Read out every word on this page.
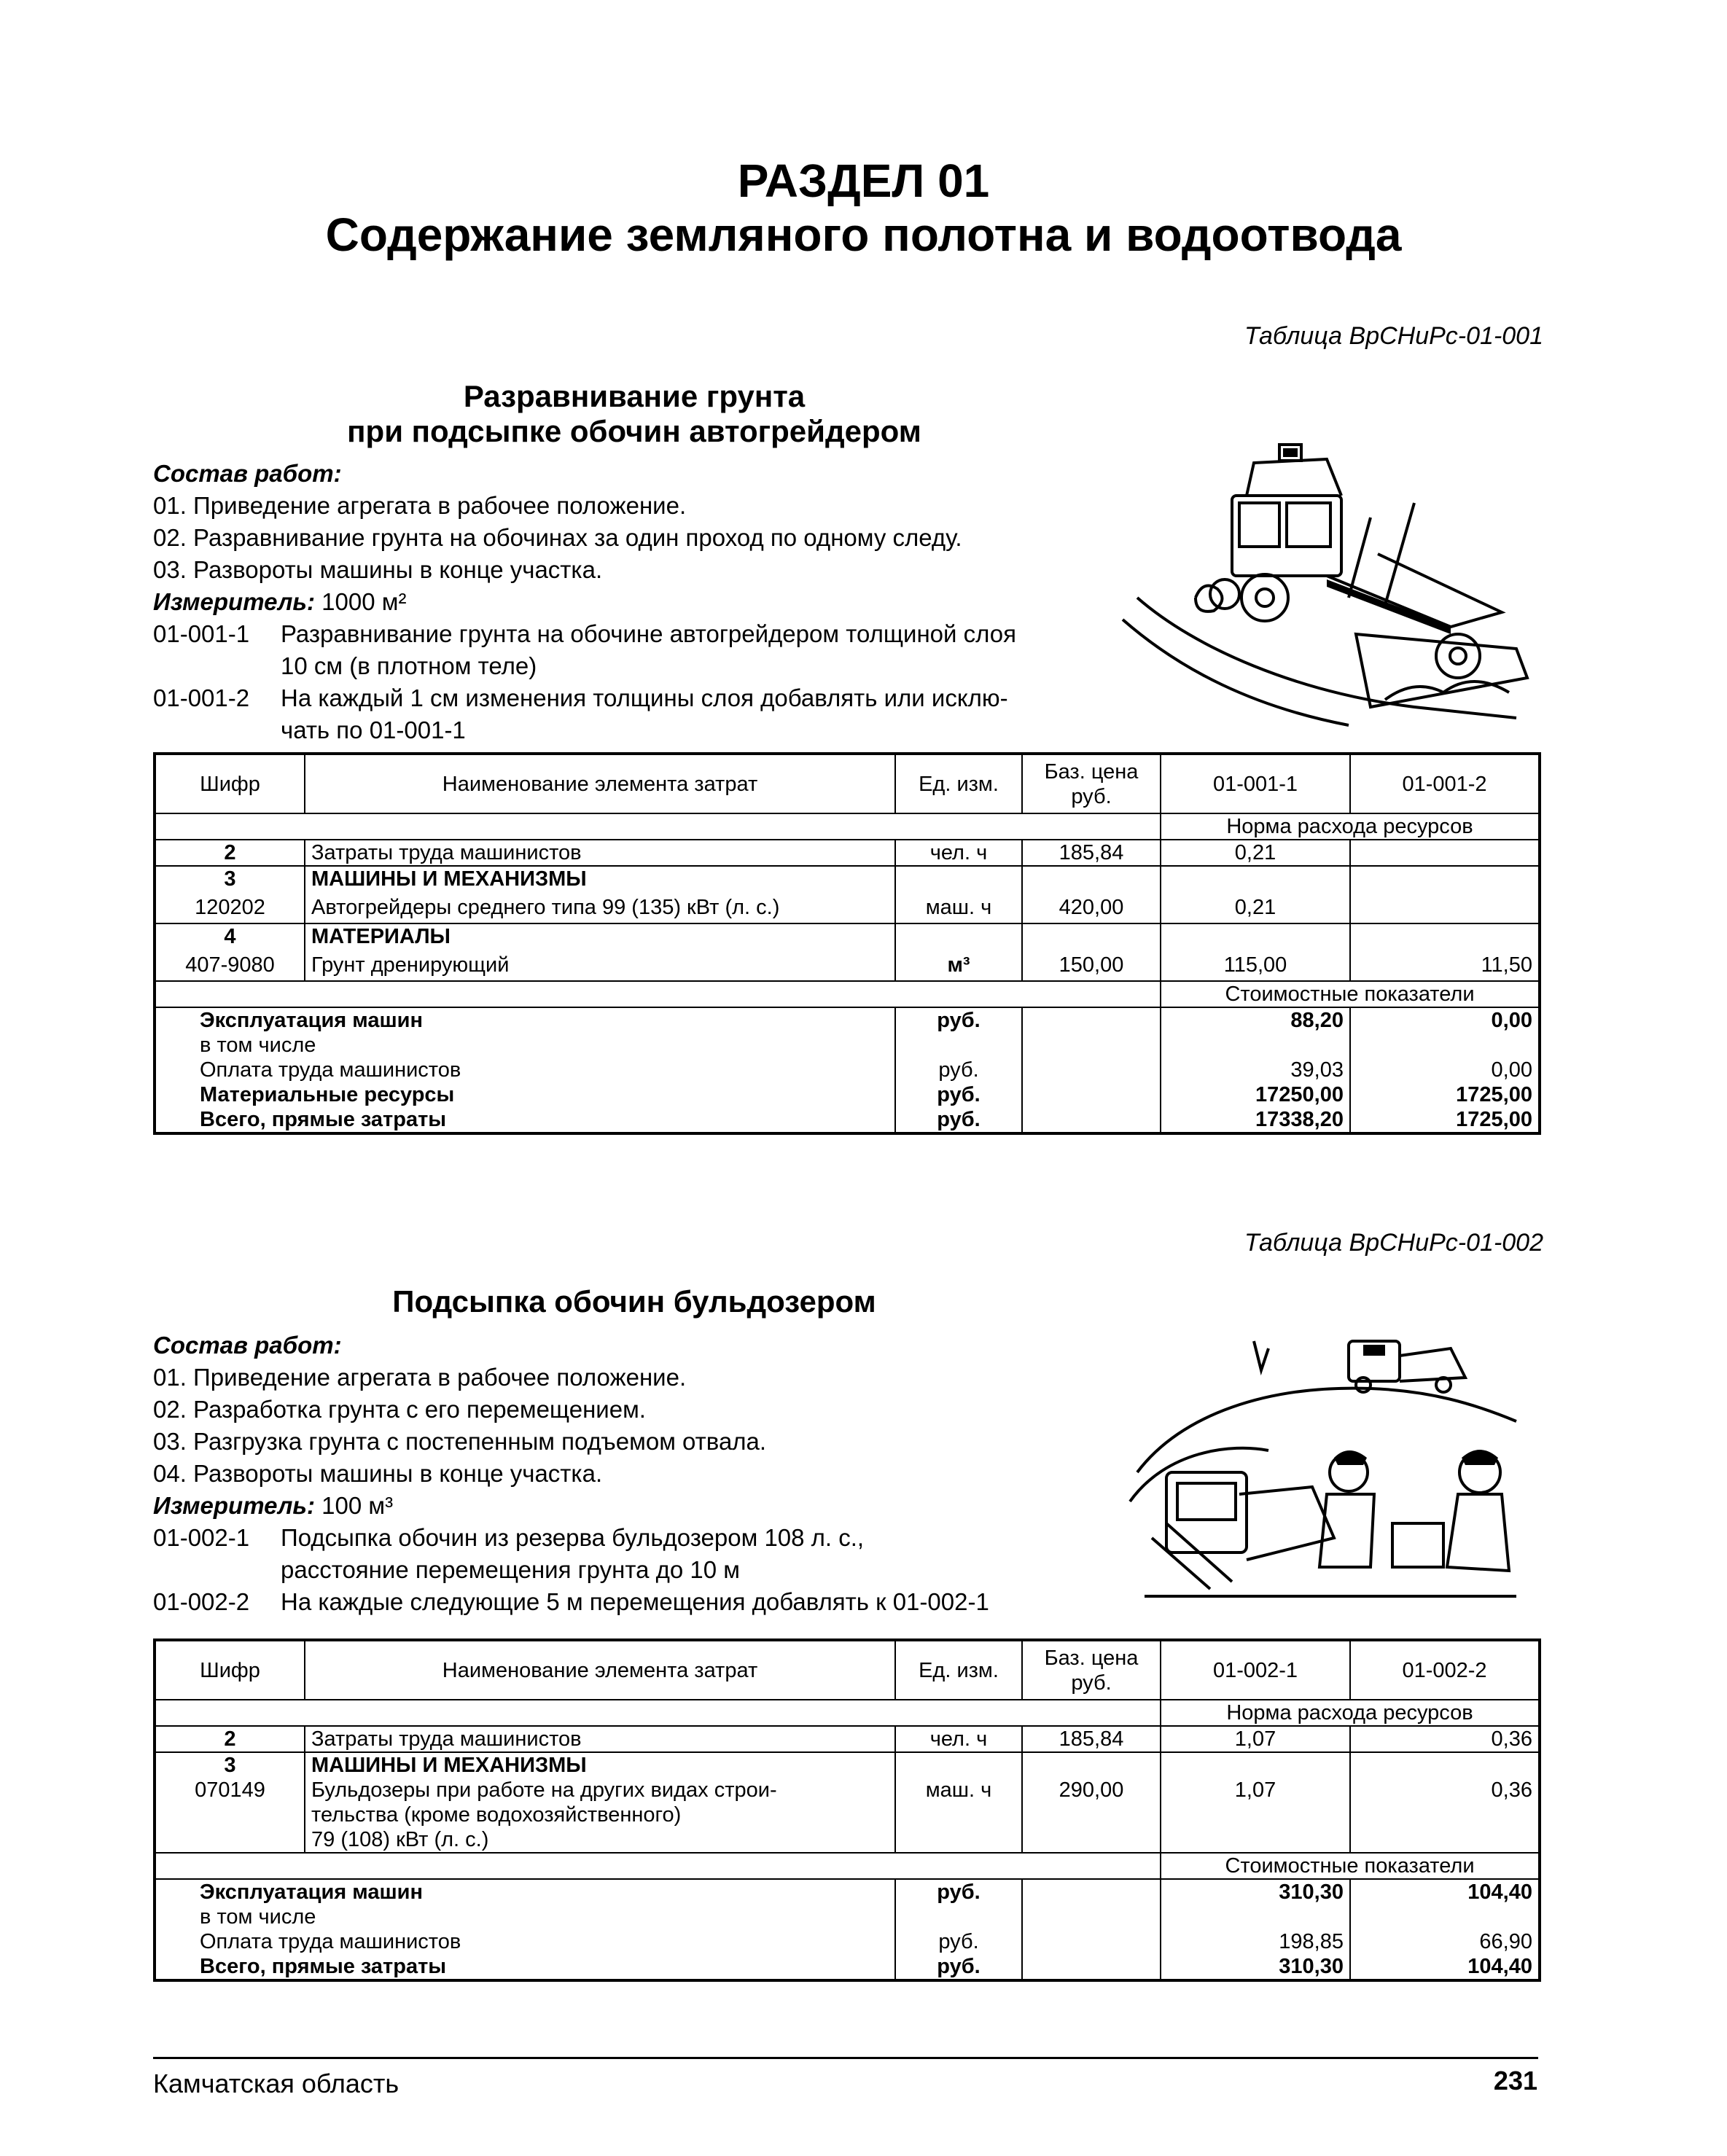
РАЗДЕЛ 01
Содержание земляного полотна и водоотвода
Таблица ВрСНиРс-01-001
Разравнивание грунта
при подсыпке обочин автогрейдером
Состав работ:
01. Приведение агрегата в рабочее положение.
02. Разравнивание грунта на обочинах за один проход по одному следу.
03. Развороты машины в конце участка.
Измеритель: 1000 м²
01-001-1 Разравнивание грунта на обочине автогрейдером толщиной слоя
10 см (в плотном теле)
01-001-2 На каждый 1 см изменения толщины слоя добавлять или исклю-
чать по 01-001-1
Шифр	Наименование элемента затрат	Ед. изм.	Баз. цена руб.	01-001-1	01-001-2
				Норма расхода ресурсов	
2	Затраты труда машинистов	чел. ч	185,84	0,21	
3	МАШИНЫ И МЕХАНИЗМЫ				
120202	Автогрейдеры среднего типа 99 (135) кВт (л. с.)	маш. ч	420,00	0,21	
4	МАТЕРИАЛЫ				
407-9080	Грунт дренирующий	м³	150,00	115,00	11,50
				Стоимостные показатели	
Эксплуатация машин		руб.		88,20	0,00
в том числе					
Оплата труда машинистов		руб.		39,03	0,00
Материальные ресурсы		руб.		17250,00	1725,00
Всего, прямые затраты		руб.		17338,20	1725,00
Таблица ВрСНиРс-01-002
Подсыпка обочин бульдозером
Состав работ:
01. Приведение агрегата в рабочее положение.
02. Разработка грунта с его перемещением.
03. Разгрузка грунта с постепенным подъемом отвала.
04. Развороты машины в конце участка.
Измеритель: 100 м³
01-002-1 Подсыпка обочин из резерва бульдозером 108 л. с.,
расстояние перемещения грунта до 10 м
01-002-2 На каждые следующие 5 м перемещения добавлять к 01-002-1
Шифр	Наименование элемента затрат	Ед. изм.	Баз. цена руб.	01-002-1	01-002-2
				Норма расхода ресурсов	
2	Затраты труда машинистов	чел. ч	185,84	1,07	0,36
3	МАШИНЫ И МЕХАНИЗМЫ				
070149	Бульдозеры при работе на других видах строи-
тельства (кроме водохозяйственного)
79 (108) кВт (л. с.)	маш. ч	290,00	1,07	0,36
				Стоимостные показатели	
Эксплуатация машин		руб.		310,30	104,40
в том числе					
Оплата труда машинистов		руб.		198,85	66,90
Всего, прямые затраты		руб.		310,30	104,40
Камчатская область	231
